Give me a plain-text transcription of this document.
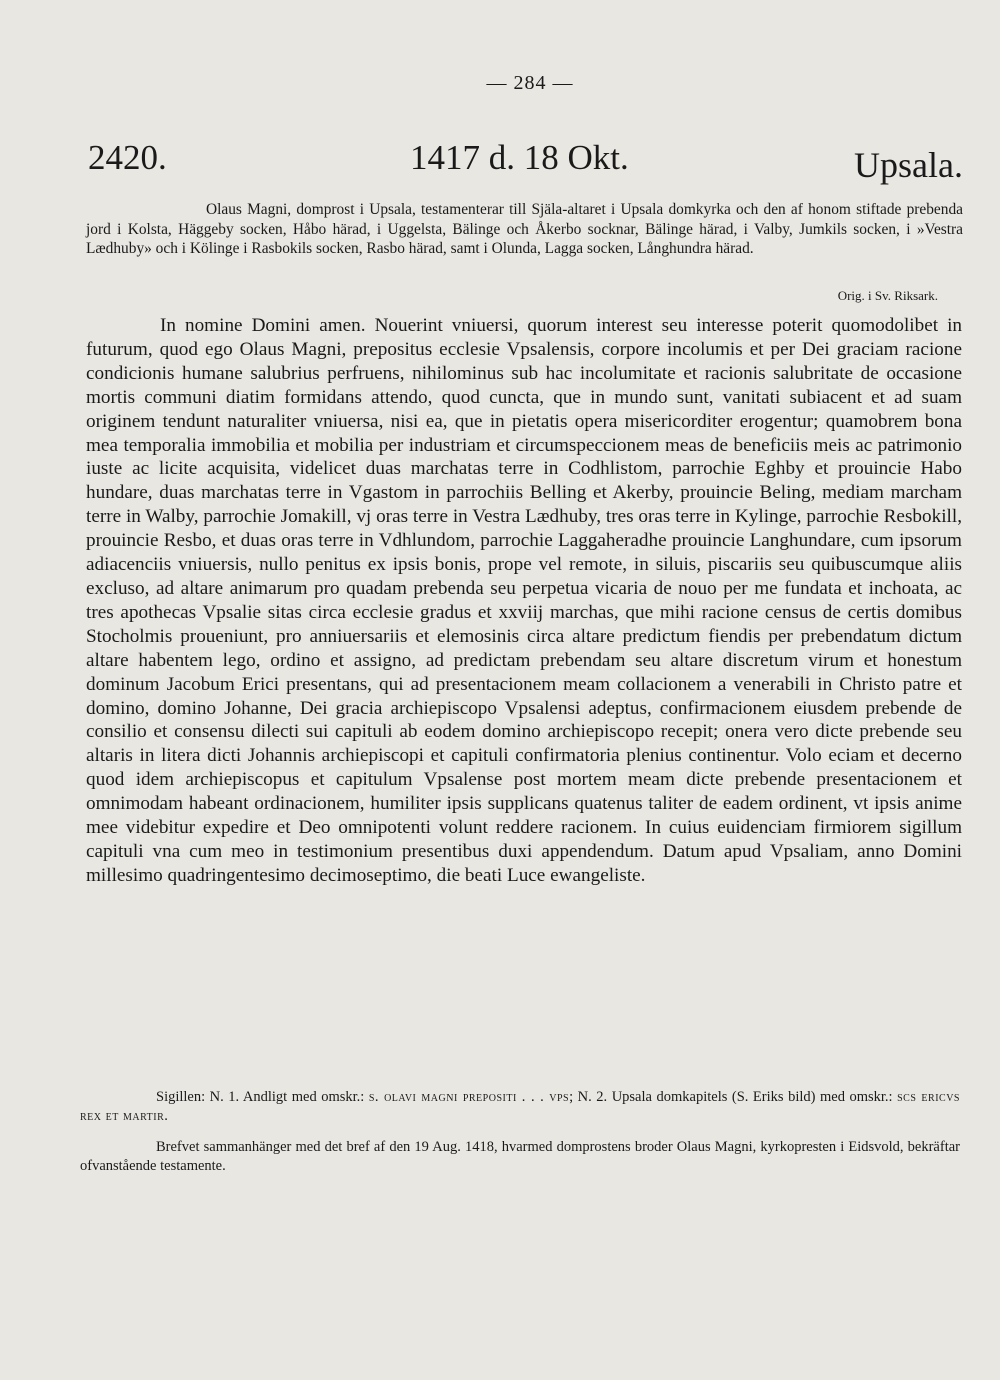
— 284 —
2420.	1417 d. 18 Okt.	Upsala.
Olaus Magni, domprost i Upsala, testamenterar till Själa-altaret i Upsala domkyrka och den af honom stiftade prebenda jord i Kolsta, Häggeby socken, Håbo härad, i Uggelsta, Bälinge och Åkerbo socknar, Bälinge härad, i Valby, Jumkils socken, i »Vestra Lædhuby» och i Kölinge i Rasbokils socken, Rasbo härad, samt i Olunda, Lagga socken, Långhundra härad.
Orig. i Sv. Riksark.
In nomine Domini amen. Nouerint vniuersi, quorum interest seu interesse poterit quomodolibet in futurum, quod ego Olaus Magni, prepositus ecclesie Vpsalensis, corpore incolumis et per Dei graciam racione condicionis humane salubrius perfruens, nihilominus sub hac incolumitate et racionis salubritate de occasione mortis communi diatim formidans attendo, quod cuncta, que in mundo sunt, vanitati subiacent et ad suam originem tendunt naturaliter vniuersa, nisi ea, que in pietatis opera misericorditer erogentur; quamobrem bona mea temporalia immobilia et mobilia per industriam et circumspeccionem meas de beneficiis meis ac patrimonio iuste ac licite acquisita, videlicet duas marchatas terre in Codhlistom, parrochie Eghby et prouincie Habo hundare, duas marchatas terre in Vgastom in parrochiis Belling et Akerby, prouincie Beling, mediam marcham terre in Walby, parrochie Jomakill, vj oras terre in Vestra Lædhuby, tres oras terre in Kylinge, parrochie Resbokill, prouincie Resbo, et duas oras terre in Vdhlundom, parrochie Laggaheradhe prouincie Langhundare, cum ipsorum adiacenciis vniuersis, nullo penitus ex ipsis bonis, prope vel remote, in siluis, piscariis seu quibuscumque aliis excluso, ad altare animarum pro quadam prebenda seu perpetua vicaria de nouo per me fundata et inchoata, ac tres apothecas Vpsalie sitas circa ecclesie gradus et xxviij marchas, que mihi racione census de certis domibus Stocholmis proueniunt, pro anniuersariis et elemosinis circa altare predictum fiendis per prebendatum dictum altare habentem lego, ordino et assigno, ad predictam prebendam seu altare discretum virum et honestum dominum Jacobum Erici presentans, qui ad presentacionem meam collacionem a venerabili in Christo patre et domino, domino Johanne, Dei gracia archiepiscopo Vpsalensi adeptus, confirmacionem eiusdem prebende de consilio et consensu dilecti sui capituli ab eodem domino archiepiscopo recepit; onera vero dicte prebende seu altaris in litera dicti Johannis archiepiscopi et capituli confirmatoria plenius continentur. Volo eciam et decerno quod idem archiepiscopus et capitulum Vpsalense post mortem meam dicte prebende presentacionem et omnimodam habeant ordinacionem, humiliter ipsis supplicans quatenus taliter de eadem ordinent, vt ipsis anime mee videbitur expedire et Deo omnipotenti volunt reddere racionem. In cuius euidenciam firmiorem sigillum capituli vna cum meo in testimonium presentibus duxi appendendum. Datum apud Vpsaliam, anno Domini millesimo quadringentesimo decimoseptimo, die beati Luce ewangeliste.

Sigillen: N. 1. Andligt med omskr.: s. olavi magni prepositi . . . vps; N. 2. Upsala domkapitels (S. Eriks bild) med omskr.: scs ericvs rex et martir.

Brefvet sammanhänger med det bref af den 19 Aug. 1418, hvarmed domprostens broder Olaus Magni, kyrkopresten i Eidsvold, bekräftar ofvanstående testamente.
